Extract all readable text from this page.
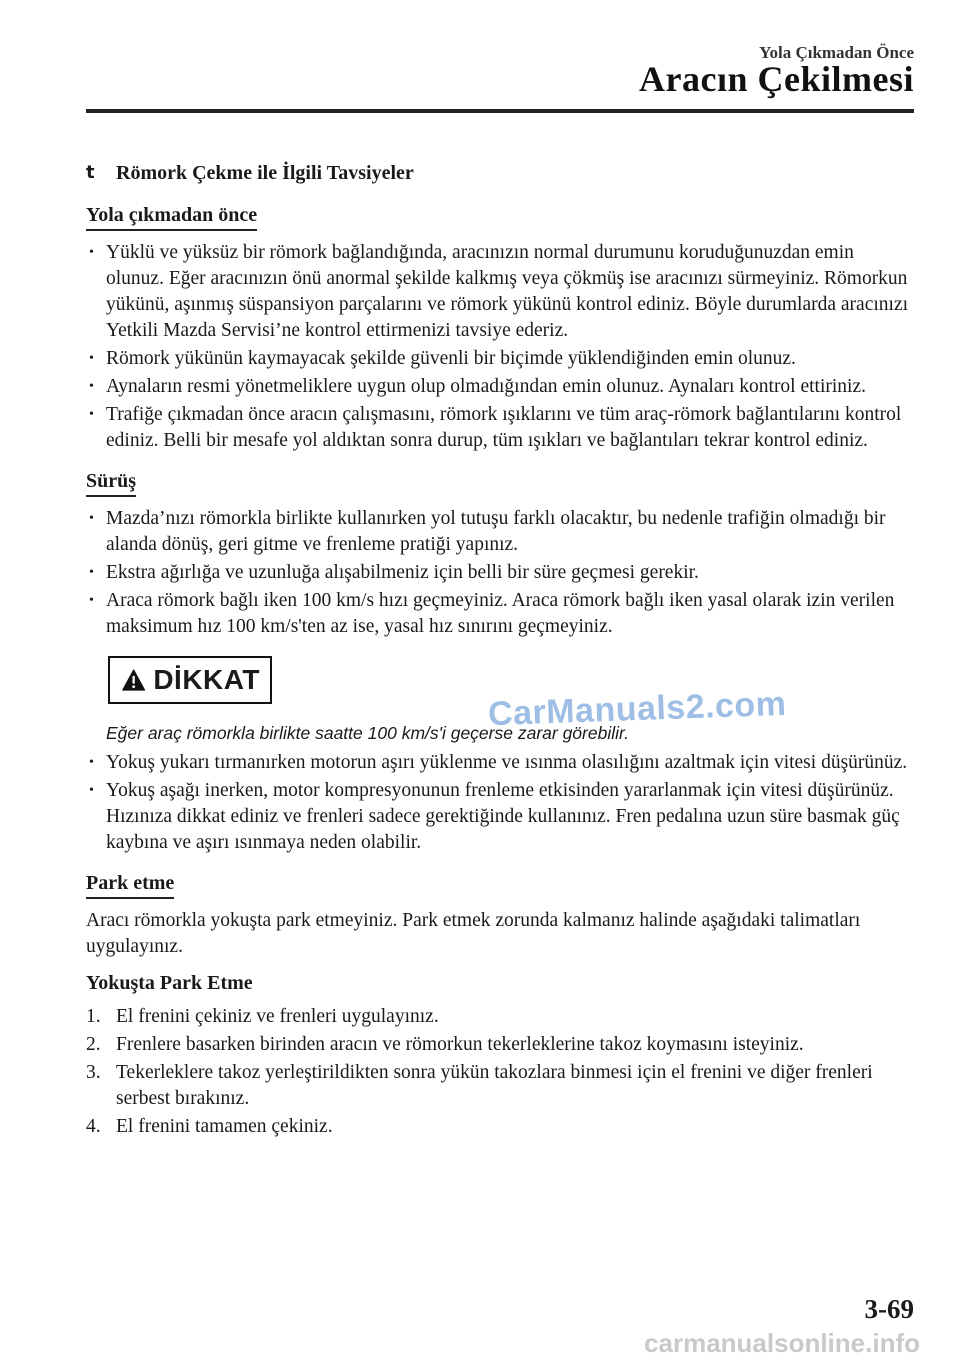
Yola Çıkmadan Önce
Aracın Çekilmesi
t	Römork Çekme ile İlgili Tavsiyeler
Yola çıkmadan önce
• Yüklü ve yüksüz bir römork bağlandığında, aracınızın normal durumunu koruduğunuzdan emin olunuz. Eğer aracınızın önü anormal şekilde kalkmış veya çökmüş ise aracınızı sürmeyiniz. Römorkun yükünü, aşınmış süspansiyon parçalarını ve römork yükünü kontrol ediniz. Böyle durumlarda aracınızı Yetkili Mazda Servisi’ne kontrol ettirmenizi tavsiye ederiz.
• Römork yükünün kaymayacak şekilde güvenli bir biçimde yüklendiğinden emin olunuz.
• Aynaların resmi yönetmeliklere uygun olup olmadığından emin olunuz. Aynaları kontrol ettiriniz.
• Trafiğe çıkmadan önce aracın çalışmasını, römork ışıklarını ve tüm araç-römork bağlantılarını kontrol ediniz. Belli bir mesafe yol aldıktan sonra durup, tüm ışıkları ve bağlantıları tekrar kontrol ediniz.
Sürüş
• Mazda’nızı römorkla birlikte kullanırken yol tutuşu farklı olacaktır, bu nedenle trafiğin olmadığı bir alanda dönüş, geri gitme ve frenleme pratiği yapınız.
• Ekstra ağırlığa ve uzunluğa alışabilmeniz için belli bir süre geçmesi gerekir.
• Araca römork bağlı iken 100 km/s hızı geçmeyiniz. Araca römork bağlı iken yasal olarak izin verilen maksimum hız 100 km/s'ten az ise, yasal hız sınırını geçmeyiniz.
DİKKAT
Eğer araç römorkla birlikte saatte 100 km/s'i geçerse zarar görebilir.
• Yokuş yukarı tırmanırken motorun aşırı yüklenme ve ısınma olasılığını azaltmak için vitesi düşürünüz.
• Yokuş aşağı inerken, motor kompresyonunun frenleme etkisinden yararlanmak için vitesi düşürünüz. Hızınıza dikkat ediniz ve frenleri sadece gerektiğinde kullanınız. Fren pedalına uzun süre basmak güç kaybına ve aşırı ısınmaya neden olabilir.
Park etme
Aracı römorkla yokuşta park etmeyiniz. Park etmek zorunda kalmanız halinde aşağıdaki talimatları uygulayınız.
Yokuşta Park Etme
1. El frenini çekiniz ve frenleri uygulayınız.
2. Frenlere basarken birinden aracın ve römorkun tekerleklerine takoz koymasını isteyiniz.
3. Tekerleklere takoz yerleştirildikten sonra yükün takozlara binmesi için el frenini ve diğer frenleri serbest bırakınız.
4. El frenini tamamen çekiniz.
CarManuals2.com
3-69
carmanualsonline.info
